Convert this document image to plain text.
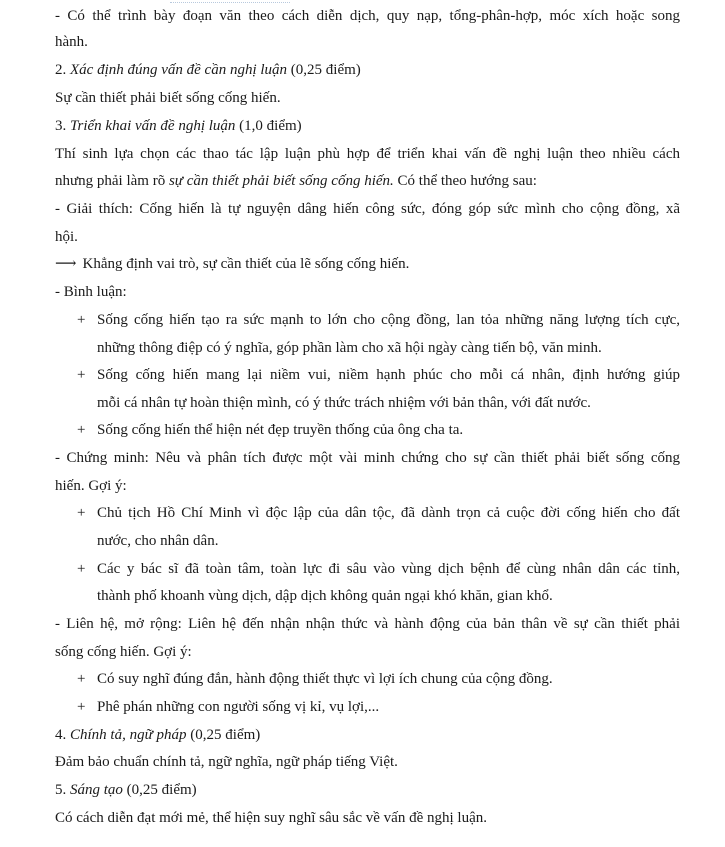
- Có thể trình bày đoạn văn theo cách diễn dịch, quy nạp, tổng-phân-hợp, móc xích hoặc song
hành.
2. Xác định đúng vấn đề cần nghị luận (0,25 điểm)
Sự cần thiết phải biết sống cống hiến.
3. Triển khai vấn đề nghị luận (1,0 điểm)
Thí sinh lựa chọn các thao tác lập luận phù hợp để triển khai vấn đề nghị luận theo nhiều cách
nhưng phải làm rõ sự cần thiết phải biết sống cống hiến. Có thể theo hướng sau:
- Giải thích: Cống hiến là tự nguyện dâng hiến công sức, đóng góp sức mình cho cộng đồng, xã
hội.
⟶ Khẳng định vai trò, sự cần thiết của lẽ sống cống hiến.
- Bình luận:
+ Sống cống hiến tạo ra sức mạnh to lớn cho cộng đồng, lan tỏa những năng lượng tích cực,
những thông điệp có ý nghĩa, góp phần làm cho xã hội ngày càng tiến bộ, văn minh.
+ Sống cống hiến mang lại niềm vui, niềm hạnh phúc cho mỗi cá nhân, định hướng giúp
mỗi cá nhân tự hoàn thiện mình, có ý thức trách nhiệm với bản thân, với đất nước.
+ Sống cống hiến thể hiện nét đẹp truyền thống của ông cha ta.
- Chứng minh: Nêu và phân tích được một vài minh chứng cho sự cần thiết phải biết sống cống
hiến. Gợi ý:
+ Chủ tịch Hồ Chí Minh vì độc lập của dân tộc, đã dành trọn cả cuộc đời cống hiến cho đất
nước, cho nhân dân.
+ Các y bác sĩ đã toàn tâm, toàn lực đi sâu vào vùng dịch bệnh để cùng nhân dân các tỉnh,
thành phố khoanh vùng dịch, dập dịch không quản ngại khó khăn, gian khổ.
- Liên hệ, mở rộng: Liên hệ đến nhận nhận thức và hành động của bản thân về sự cần thiết phải
sống cống hiến. Gợi ý:
+ Có suy nghĩ đúng đắn, hành động thiết thực vì lợi ích chung của cộng đồng.
+ Phê phán những con người sống vị kỉ, vụ lợi,...
4. Chính tả, ngữ pháp (0,25 điểm)
Đảm bảo chuẩn chính tả, ngữ nghĩa, ngữ pháp tiếng Việt.
5. Sáng tạo (0,25 điểm)
Có cách diễn đạt mới mẻ, thể hiện suy nghĩ sâu sắc về vấn đề nghị luận.
